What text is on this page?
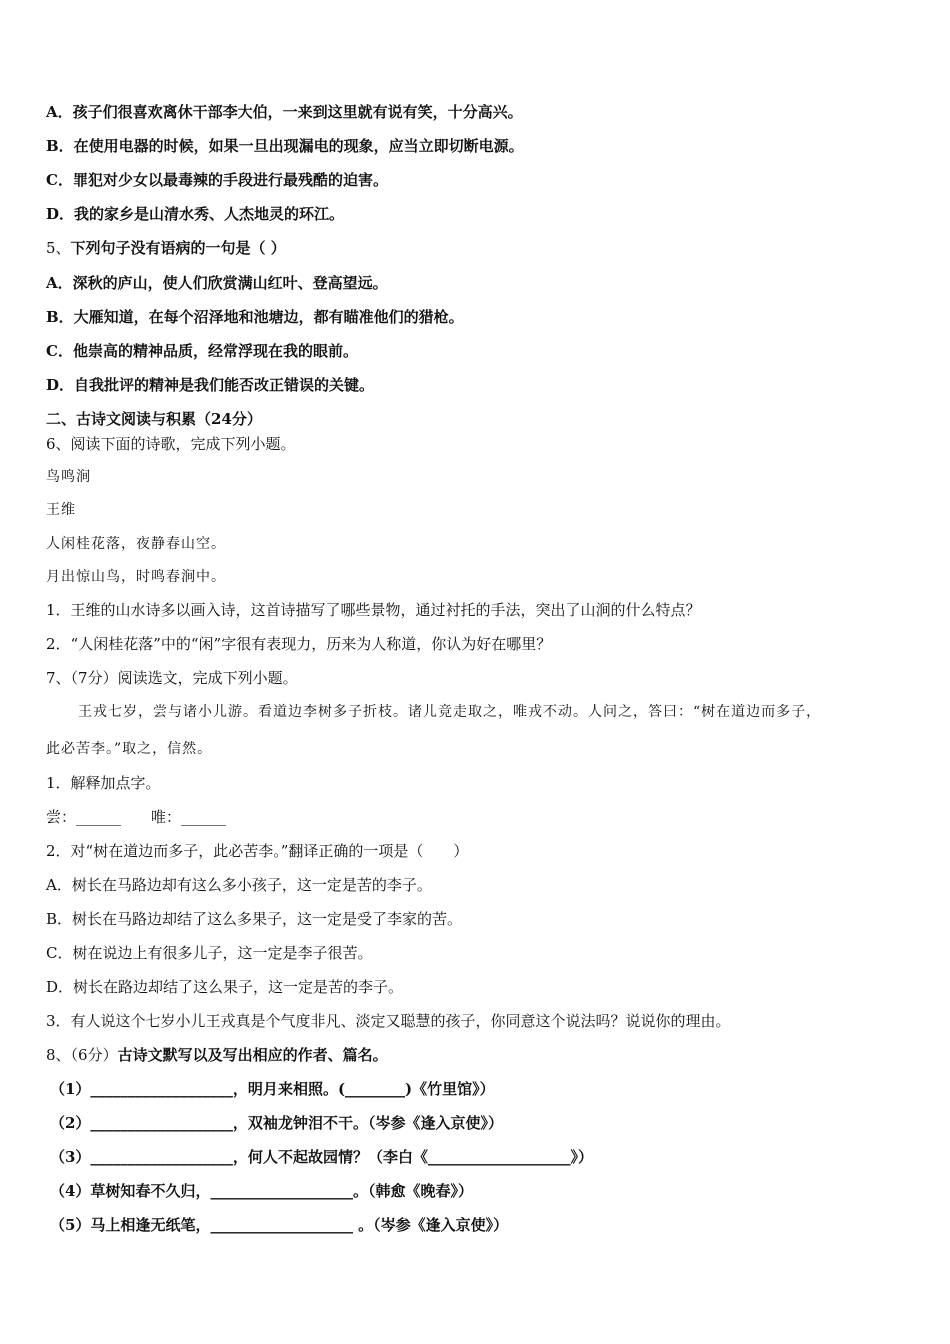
A．孩子们很喜欢离休干部李大伯，一来到这里就有说有笑，十分高兴。
B．在使用电器的时候，如果一旦出现漏电的现象，应当立即切断电源。
C．罪犯对少女以最毒辣的手段进行最残酷的迫害。
D．我的家乡是山清水秀、人杰地灵的环江。
5、下列句子没有语病的一句是（ ）
A．深秋的庐山，使人们欣赏满山红叶、登高望远。
B．大雁知道，在每个沼泽地和池塘边，都有瞄准他们的猎枪。
C．他崇高的精神品质，经常浮现在我的眼前。
D．自我批评的精神是我们能否改正错误的关键。
二、古诗文阅读与积累（24分）
6、阅读下面的诗歌，完成下列小题。
鸟鸣涧
王维
人闲桂花落，夜静春山空。
月出惊山鸟，时鸣春涧中。
1．王维的山水诗多以画入诗，这首诗描写了哪些景物，通过衬托的手法，突出了山涧的什么特点？
2．“人闲桂花落”中的“闲”字很有表现力，历来为人称道，你认为好在哪里？
7、（7分）阅读选文，完成下列小题。
王戎七岁，尝与诸小儿游。看道边李树多子折枝。诸儿竞走取之，唯戎不动。人问之，答曰：“树在道边而多子，
此必苦李。”取之，信然。
1．解释加点字。
尝：______　　唯：______
2．对“树在道边而多子，此必苦李。”翻译正确的一项是（　　）
A．树长在马路边却有这么多小孩子，这一定是苦的李子。
B．树长在马路边却结了这么多果子，这一定是受了李家的苦。
C．树在说边上有很多儿子，这一定是李子很苦。
D．树长在路边却结了这么果子，这一定是苦的李子。
3．有人说这个七岁小儿王戎真是个气度非凡、淡定又聪慧的孩子，你同意这个说法吗？说说你的理由。
8、（6分）古诗文默写以及写出相应的作者、篇名。
（1）___________________，明月来相照。(________)《竹里馆》）
（2）___________________，双袖龙钟泪不干。（岑参《逢入京使》）
（3）___________________，何人不起故园情？（李白《___________________》）
（4）草树知春不久归，___________________。（韩愈《晚春》）
（5）马上相逢无纸笔，___________________ 。（岑参《逢入京使》）
